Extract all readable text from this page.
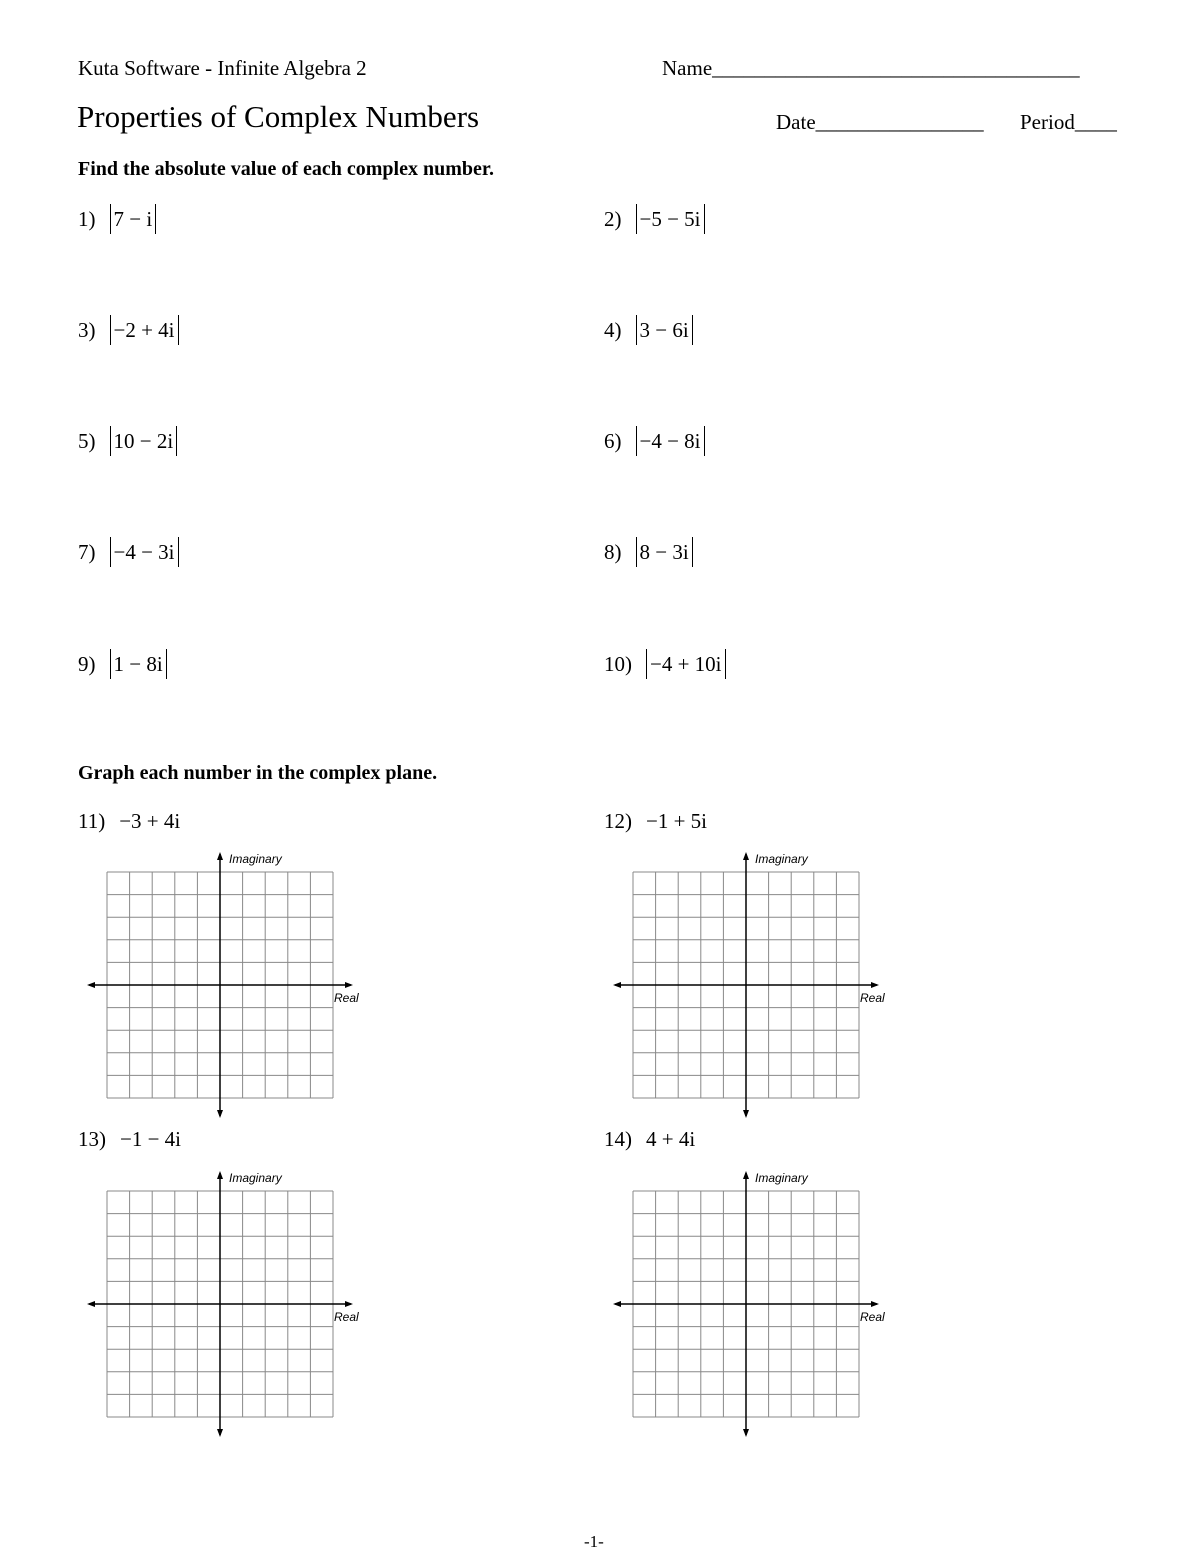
Kuta Software - Infinite Algebra 2	Name___________________________________
Properties of Complex Numbers	Date________________ Period____
Find the absolute value of each complex number.
1) 7 − i	2) −5 − 5i
3) −2 + 4i	4) 3 − 6i
5) 10 − 2i	6) −4 − 8i
7) −4 − 3i	8) 8 − 3i
9) 1 − 8i	10) −4 + 10i
Graph each number in the complex plane.
11) −3 + 4i	12) −1 + 5i
13) −1 − 4i	14) 4 + 4i
Imaginary
Real
Imaginary
Real
Imaginary
Real
Imaginary
Real
-1-
